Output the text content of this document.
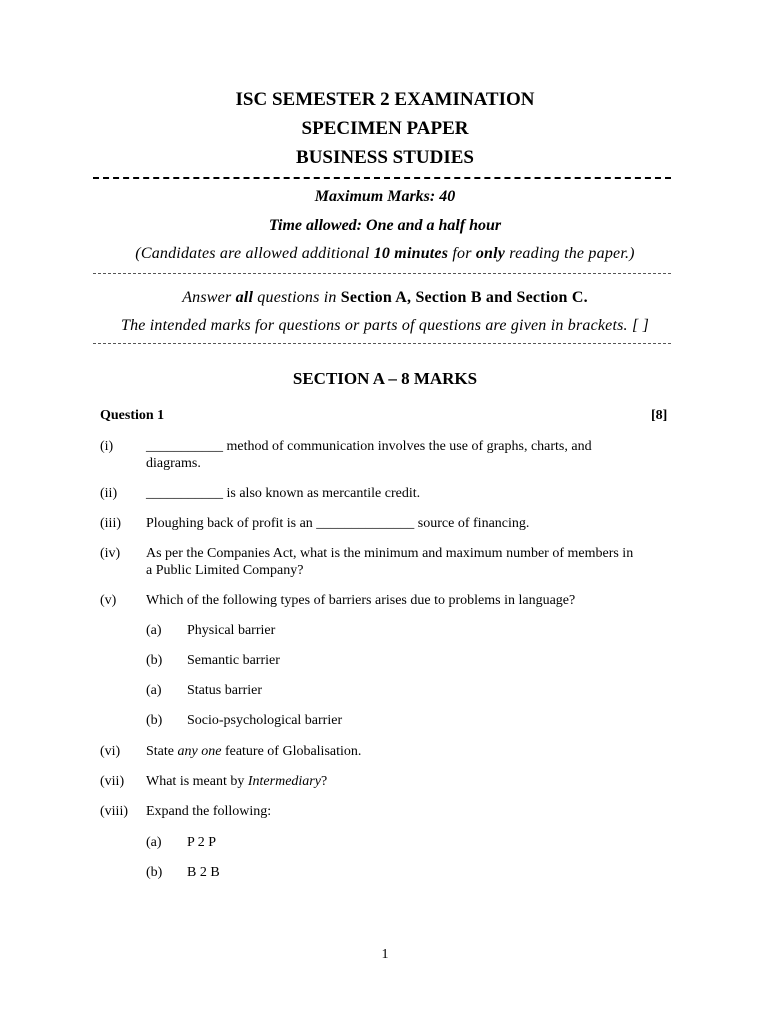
ISC SEMESTER 2 EXAMINATION
SPECIMEN PAPER
BUSINESS STUDIES
Maximum Marks: 40
Time allowed: One and a half hour
(Candidates are allowed additional 10 minutes for only reading the paper.)
Answer all questions in Section A, Section B and Section C.
The intended marks for questions or parts of questions are given in brackets. [ ]
SECTION A – 8 MARKS
Question 1	[8]
(i) ___________ method of communication involves the use of graphs, charts, and diagrams.
(ii) ___________ is also known as mercantile credit.
(iii) Ploughing back of profit is an ______________ source of financing.
(iv) As per the Companies Act, what is the minimum and maximum number of members in a Public Limited Company?
(v) Which of the following types of barriers arises due to problems in language?
(a) Physical barrier
(b) Semantic barrier
(a) Status barrier
(b) Socio-psychological barrier
(vi) State any one feature of Globalisation.
(vii) What is meant by Intermediary?
(viii) Expand the following:
(a) P 2 P
(b) B 2 B
1
